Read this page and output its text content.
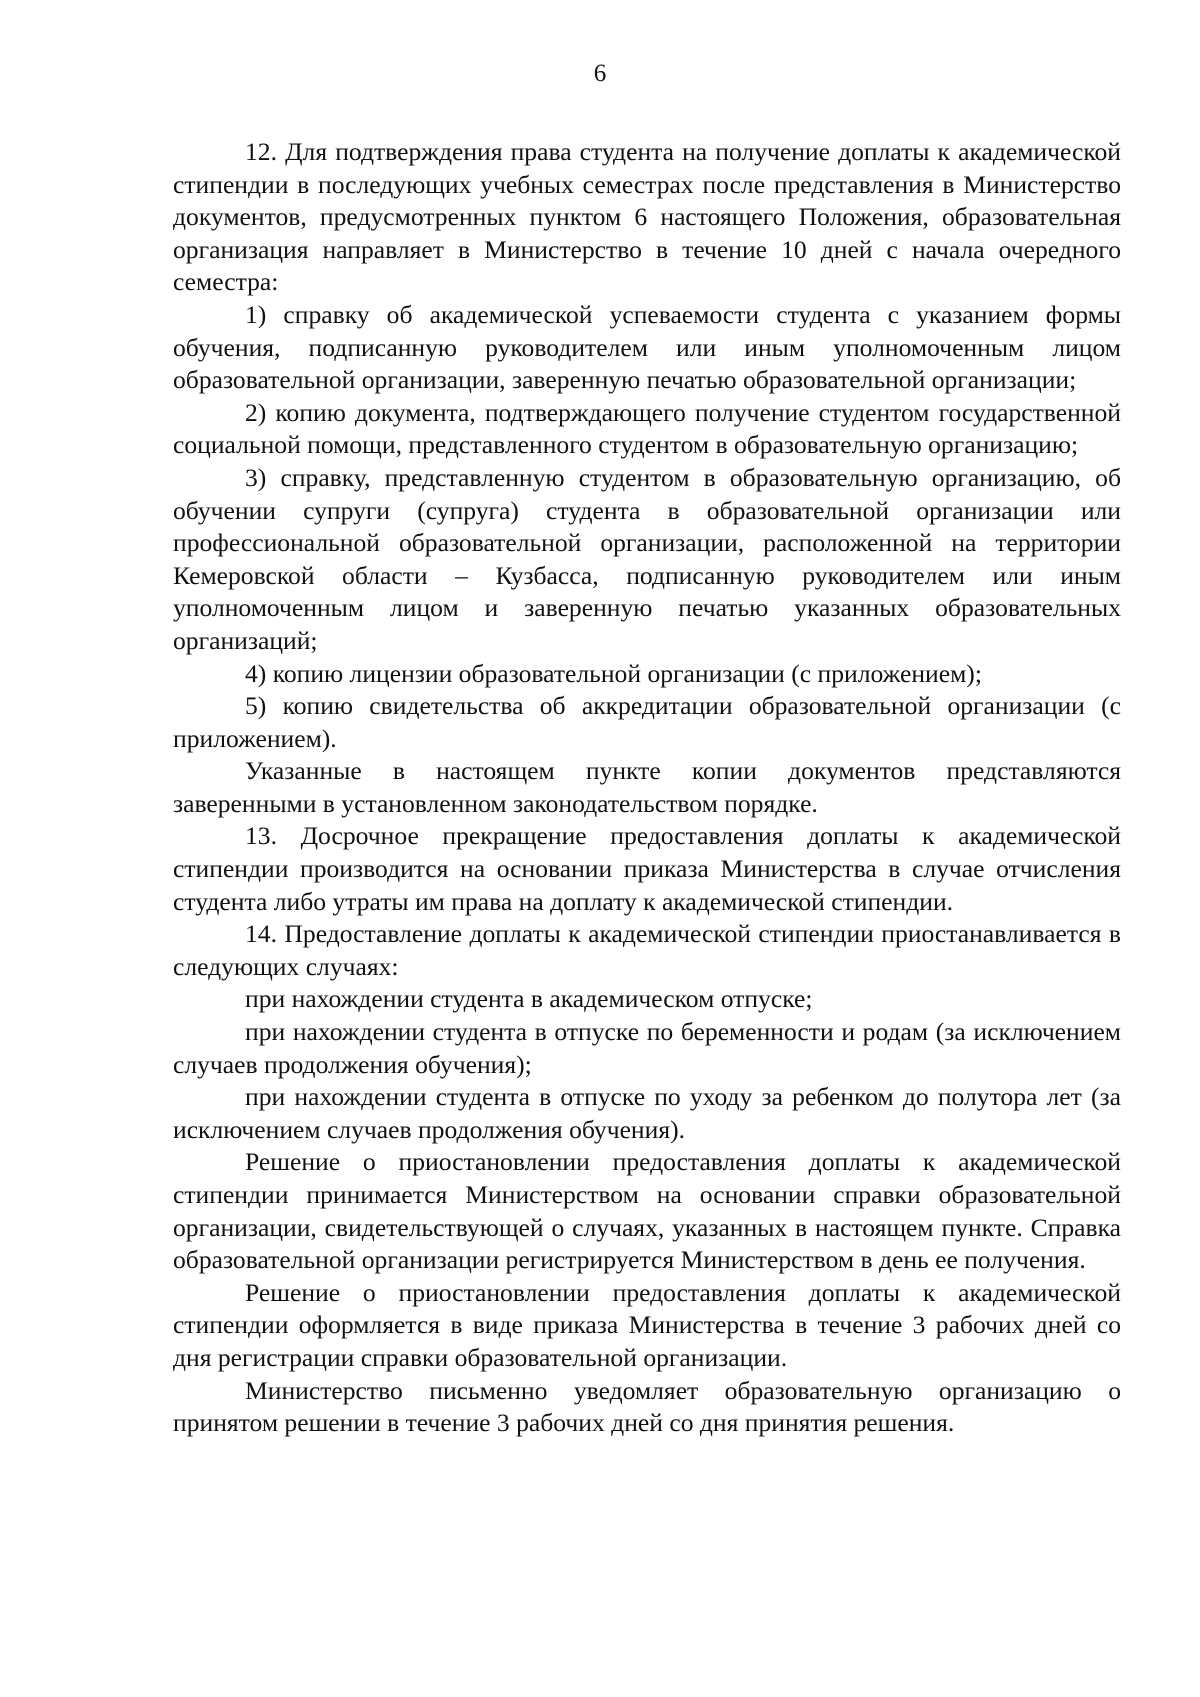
6

12. Для подтверждения права студента на получение доплаты к академической стипендии в последующих учебных семестрах после представления в Министерство документов, предусмотренных пунктом 6 настоящего Положения, образовательная организация направляет в Министерство в течение 10 дней с начала очередного семестра:

1) справку об академической успеваемости студента с указанием формы обучения, подписанную руководителем или иным уполномоченным лицом образовательной организации, заверенную печатью образовательной организации;

2) копию документа, подтверждающего получение студентом государственной социальной помощи, представленного студентом в образовательную организацию;

3) справку, представленную студентом в образовательную организацию, об обучении супруги (супруга) студента в образовательной организации или профессиональной образовательной организации, расположенной на территории Кемеровской области – Кузбасса, подписанную руководителем или иным уполномоченным лицом и заверенную печатью указанных образовательных организаций;

4) копию лицензии образовательной организации (с приложением);

5) копию свидетельства об аккредитации образовательной организации (с приложением).

Указанные в настоящем пункте копии документов представляются заверенными в установленном законодательством порядке.

13. Досрочное прекращение предоставления доплаты к академической стипендии производится на основании приказа Министерства в случае отчисления студента либо утраты им права на доплату к академической стипендии.

14. Предоставление доплаты к академической стипендии приостанавливается в следующих случаях:

при нахождении студента в академическом отпуске;

при нахождении студента в отпуске по беременности и родам (за исключением случаев продолжения обучения);

при нахождении студента в отпуске по уходу за ребенком до полутора лет (за исключением случаев продолжения обучения).

Решение о приостановлении предоставления доплаты к академической стипендии принимается Министерством на основании справки образовательной организации, свидетельствующей о случаях, указанных в настоящем пункте. Справка образовательной организации регистрируется Министерством в день ее получения.

Решение о приостановлении предоставления доплаты к академической стипендии оформляется в виде приказа Министерства в течение 3 рабочих дней со дня регистрации справки образовательной организации.

Министерство письменно уведомляет образовательную организацию о принятом решении в течение 3 рабочих дней со дня принятия решения.
